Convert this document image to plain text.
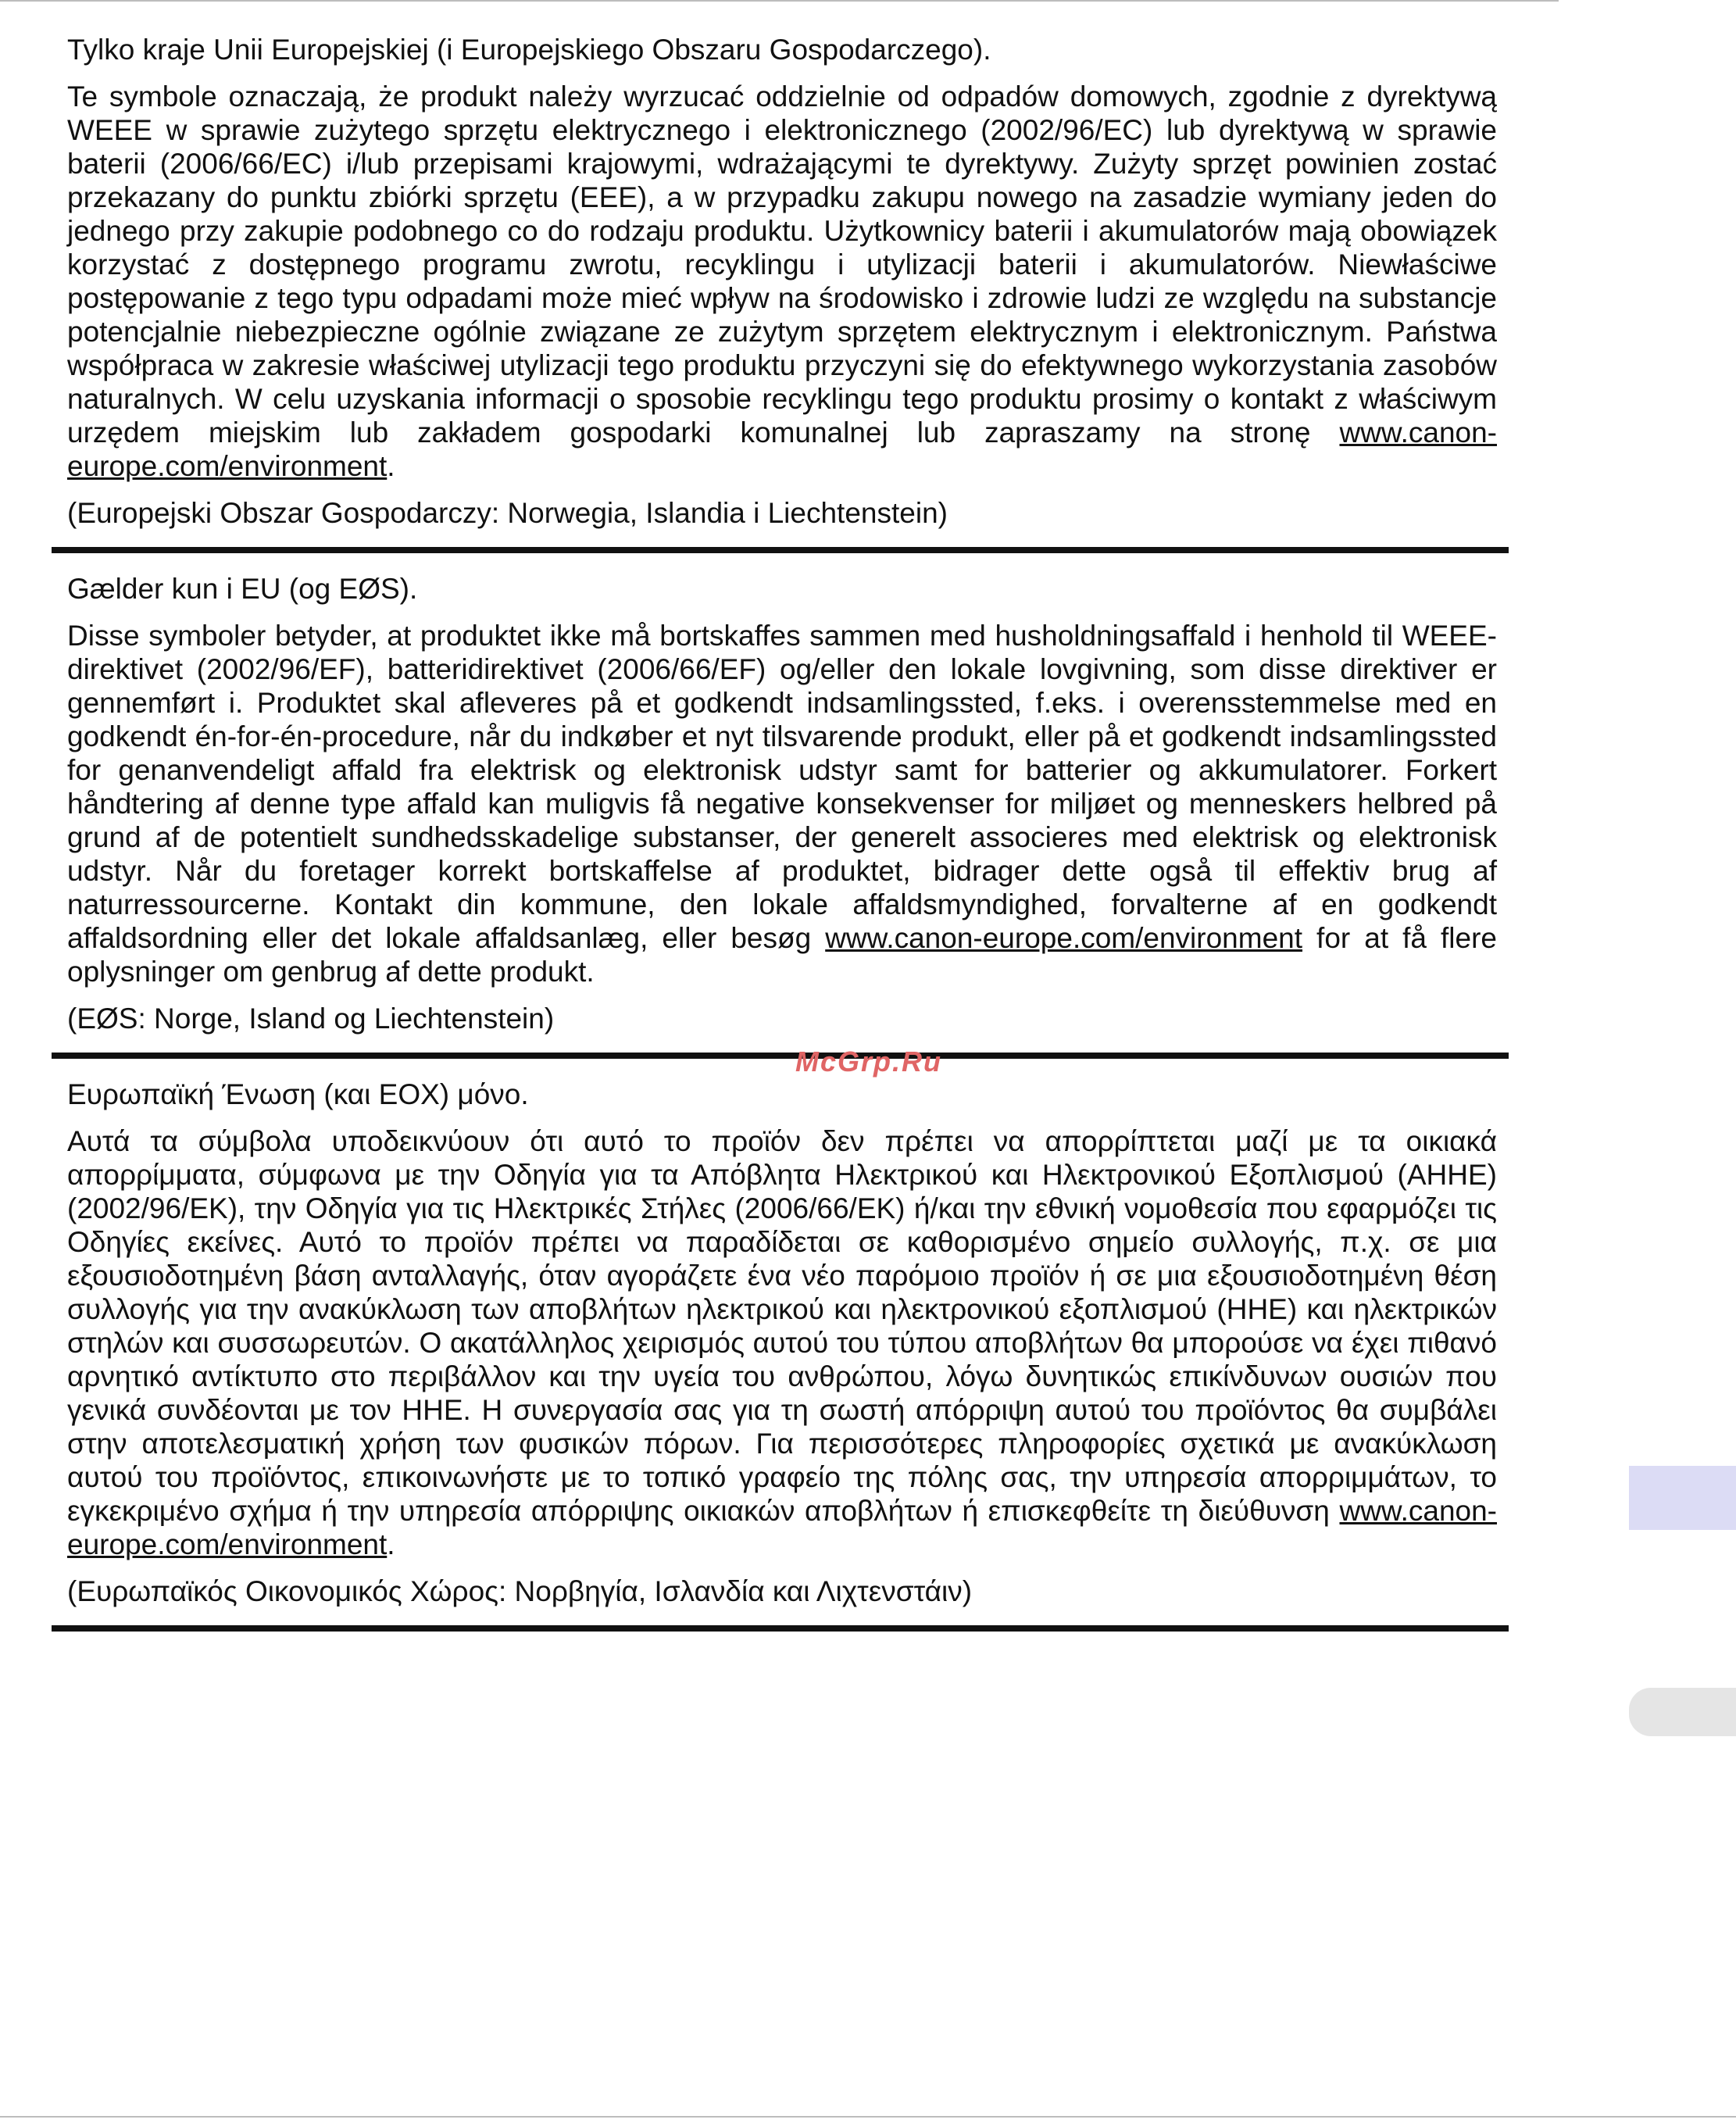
Tylko kraje Unii Europejskiej (i Europejskiego Obszaru Gospodarczego).

Te symbole oznaczają, że produkt należy wyrzucać oddzielnie od odpadów domowych, zgodnie z dyrektywą WEEE w sprawie zużytego sprzętu elektrycznego i elektronicznego (2002/96/EC) lub dyrektywą w sprawie baterii (2006/66/EC) i/lub przepisami krajowymi, wdrażającymi te dyrektywy. Zużyty sprzęt powinien zostać przekazany do punktu zbiórki sprzętu (EEE), a w przypadku zakupu nowego na zasadzie wymiany jeden do jednego przy zakupie podobnego co do rodzaju produktu. Użytkownicy baterii i akumulatorów mają obowiązek korzystać z dostępnego programu zwrotu, recyklingu i utylizacji baterii i akumulatorów. Niewłaściwe postępowanie z tego typu odpadami może mieć wpływ na środowisko i zdrowie ludzi ze względu na substancje potencjalnie niebezpieczne ogólnie związane ze zużytym sprzętem elektrycznym i elektronicznym. Państwa współpraca w zakresie właściwej utylizacji tego produktu przyczyni się do efektywnego wykorzystania zasobów naturalnych. W celu uzyskania informacji o sposobie recyklingu tego produktu prosimy o kontakt z właściwym urzędem miejskim lub zakładem gospodarki komunalnej lub zapraszamy na stronę www.canon-europe.com/environment.

(Europejski Obszar Gospodarczy: Norwegia, Islandia i Liechtenstein)

Gælder kun i EU (og EØS).

Disse symboler betyder, at produktet ikke må bortskaffes sammen med husholdningsaffald i henhold til WEEE-direktivet (2002/96/EF), batteridirektivet (2006/66/EF) og/eller den lokale lovgivning, som disse direktiver er gennemført i. Produktet skal afleveres på et godkendt indsamlingssted, f.eks. i overensstemmelse med en godkendt én-for-én-procedure, når du indkøber et nyt tilsvarende produkt, eller på et godkendt indsamlingssted for genanvendeligt affald fra elektrisk og elektronisk udstyr samt for batterier og akkumulatorer. Forkert håndtering af denne type affald kan muligvis få negative konsekvenser for miljøet og menneskers helbred på grund af de potentielt sundhedsskadelige substanser, der generelt associeres med elektrisk og elektronisk udstyr. Når du foretager korrekt bortskaffelse af produktet, bidrager dette også til effektiv brug af naturressourcerne. Kontakt din kommune, den lokale affaldsmyndighed, forvalterne af en godkendt affaldsordning eller det lokale affaldsanlæg, eller besøg www.canon-europe.com/environment for at få flere oplysninger om genbrug af dette produkt.

(EØS: Norge, Island og Liechtenstein)

Ευρωπαϊκή Ένωση (και ΕΟΧ) μόνο.

Αυτά τα σύμβολα υποδεικνύουν ότι αυτό το προϊόν δεν πρέπει να απορρίπτεται μαζί με τα οικιακά απορρίμματα, σύμφωνα με την Οδηγία για τα Απόβλητα Ηλεκτρικού και Ηλεκτρονικού Εξοπλισμού (ΑΗΗΕ) (2002/96/ΕΚ), την Οδηγία για τις Ηλεκτρικές Στήλες (2006/66/ΕΚ) ή/και την εθνική νομοθεσία που εφαρμόζει τις Οδηγίες εκείνες. Αυτό το προϊόν πρέπει να παραδίδεται σε καθορισμένο σημείο συλλογής, π.χ. σε μια εξουσιοδοτημένη βάση ανταλλαγής, όταν αγοράζετε ένα νέο παρόμοιο προϊόν ή σε μια εξουσιοδοτημένη θέση συλλογής για την ανακύκλωση των αποβλήτων ηλεκτρικού και ηλεκτρονικού εξοπλισμού (ΗΗΕ) και ηλεκτρικών στηλών και συσσωρευτών. Ο ακατάλληλος χειρισμός αυτού του τύπου αποβλήτων θα μπορούσε να έχει πιθανό αρνητικό αντίκτυπο στο περιβάλλον και την υγεία του ανθρώπου, λόγω δυνητικώς επικίνδυνων ουσιών που γενικά συνδέονται με τον ΗΗΕ. Η συνεργασία σας για τη σωστή απόρριψη αυτού του προϊόντος θα συμβάλει στην αποτελεσματική χρήση των φυσικών πόρων. Για περισσότερες πληροφορίες σχετικά με ανακύκλωση αυτού του προϊόντος, επικοινωνήστε με το τοπικό γραφείο της πόλης σας, την υπηρεσία απορριμμάτων, το εγκεκριμένο σχήμα ή την υπηρεσία απόρριψης οικιακών αποβλήτων ή επισκεφθείτε τη διεύθυνση www.canon-europe.com/environment.

(Ευρωπαϊκός Οικονομικός Χώρος: Νορβηγία, Ισλανδία και Λιχτενστάιν)

McGrp.Ru
